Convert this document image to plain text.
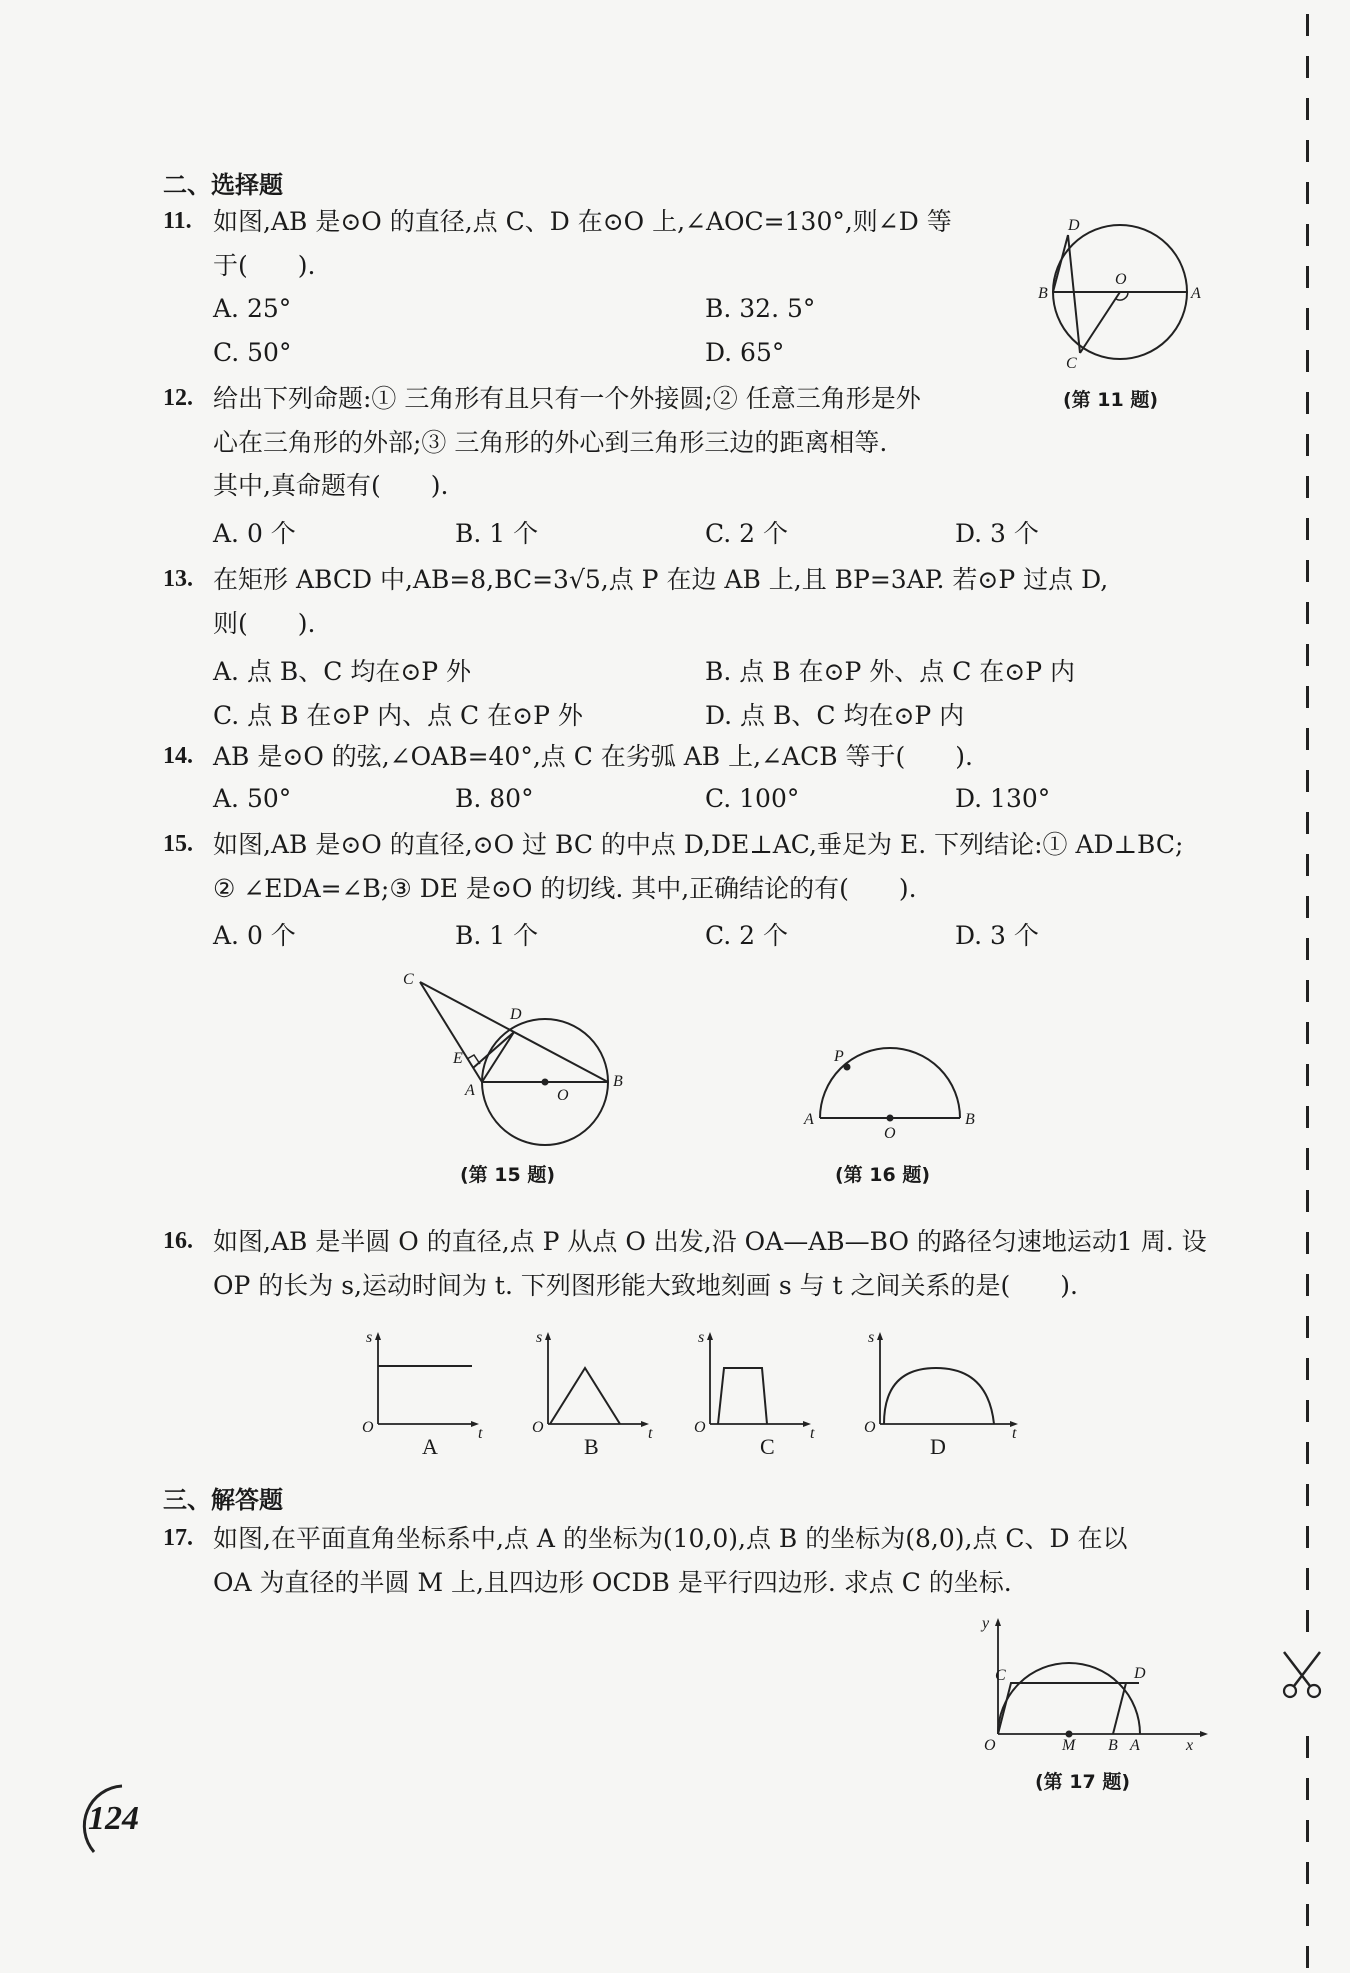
二、选择题
11. 如图,AB 是⊙O 的直径,点 C、D 在⊙O 上,∠AOC=130°,则∠D 等
于(　　).
A. 25°	B. 32. 5°
C. 50°	D. 65°
D
O
B	A
C
(第 11 题)
12. 给出下列命题:① 三角形有且只有一个外接圆;② 任意三角形是外
心在三角形的外部;③ 三角形的外心到三角形三边的距离相等.
其中,真命题有(　　).
A. 0 个	B. 1 个	C. 2 个	D. 3 个
13. 在矩形 ABCD 中,AB=8,BC=3√5,点 P 在边 AB 上,且 BP=3AP. 若⊙P 过点 D,
则(　　).
A. 点 B、C 均在⊙P 外	B. 点 B 在⊙P 外、点 C 在⊙P 内
C. 点 B 在⊙P 内、点 C 在⊙P 外	D. 点 B、C 均在⊙P 内
14. AB 是⊙O 的弦,∠OAB=40°,点 C 在劣弧 AB 上,∠ACB 等于(　　).
A. 50°	B. 80°	C. 100°	D. 130°
15. 如图,AB 是⊙O 的直径,⊙O 过 BC 的中点 D,DE⊥AC,垂足为 E. 下列结论:① AD⊥BC;
② ∠EDA=∠B;③ DE 是⊙O 的切线. 其中,正确结论的有(　　).
A. 0 个	B. 1 个	C. 2 个	D. 3 个
C
D
E
A	O
B
(第 15 题)
P
A
O
B
(第 16 题)
16. 如图,AB 是半圆 O 的直径,点 P 从点 O 出发,沿 OA—AB—BO 的路径匀速地运动1 周. 设
OP 的长为 s,运动时间为 t. 下列图形能大致地刻画 s 与 t 之间关系的是(　　).
s
t
O
A
s
t
O
B
s
t
O
C
s
t
O
D
三、解答题
17. 如图,在平面直角坐标系中,点 A 的坐标为(10,0),点 B 的坐标为(8,0),点 C、D 在以
OA 为直径的半圆 M 上,且四边形 OCDB 是平行四边形. 求点 C 的坐标.
y
C	D
O	M B A	x
(第 17 题)
124
